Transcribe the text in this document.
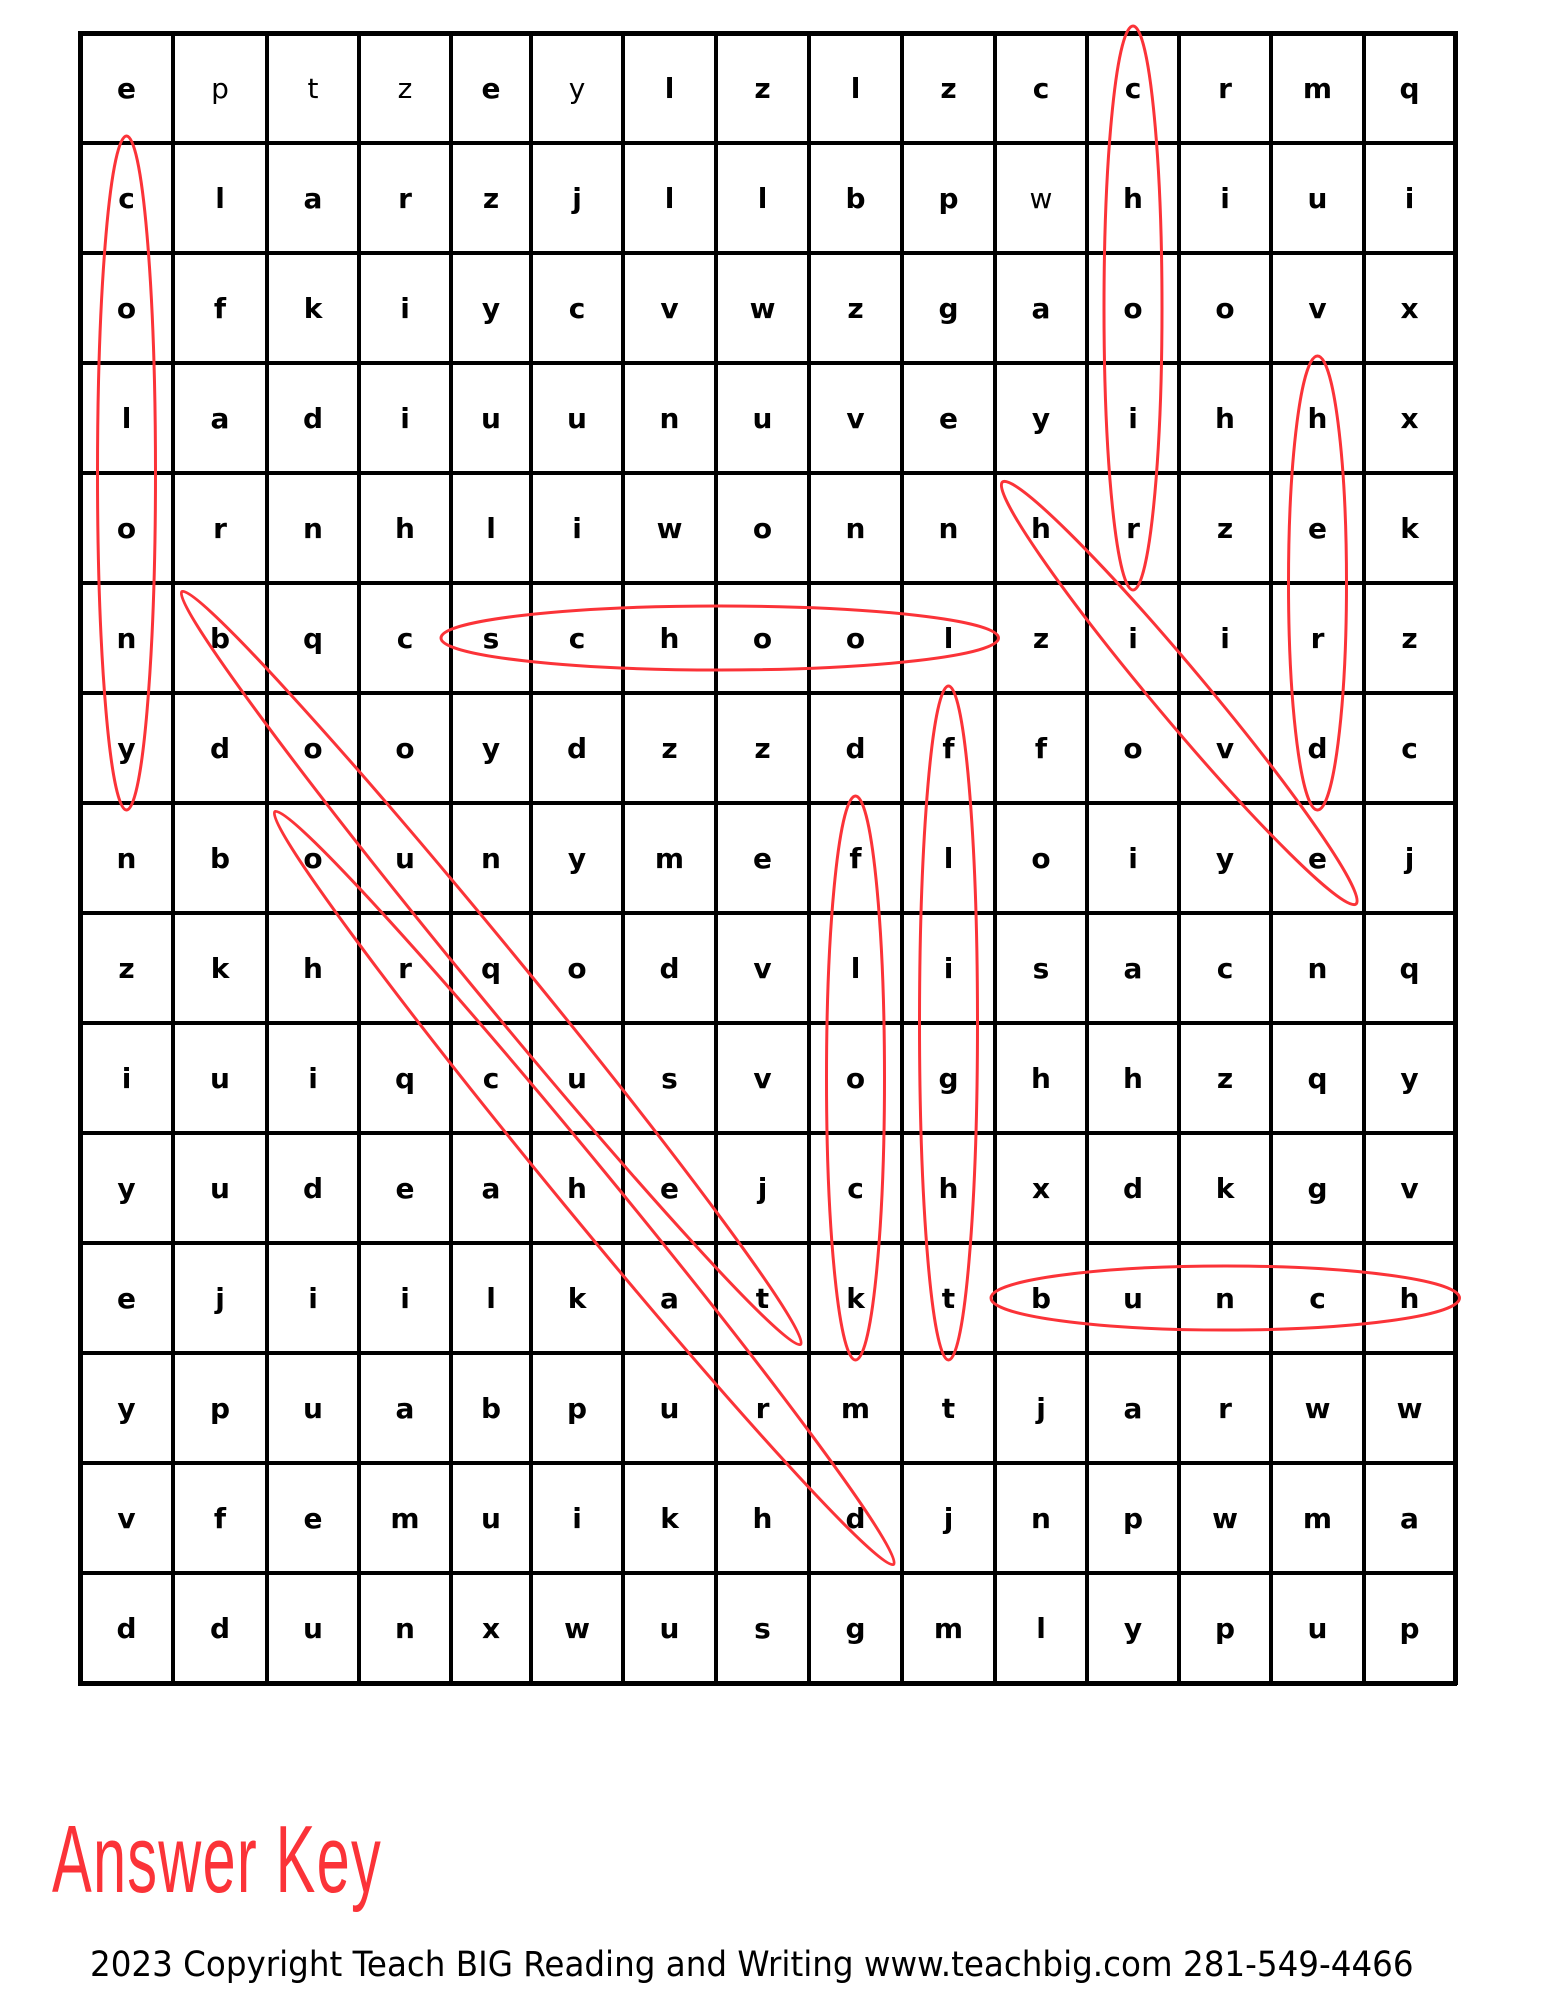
e	p	t	z	e	y	l	z	l	z	c	c	r	m	q
c	l	a	r	z	j	l	l	b	p	w	h	i	u	i
o	f	k	i	y	c	v	w	z	g	a	o	o	v	x
l	a	d	i	u	u	n	u	v	e	y	i	h	h	x
o	r	n	h	l	i	w	o	n	n	h	r	z	e	k
n	b	q	c	s	c	h	o	o	l	z	i	i	r	z
y	d	o	o	y	d	z	z	d	f	f	o	v	d	c
n	b	o	u	n	y	m	e	f	l	o	i	y	e	j
z	k	h	r	q	o	d	v	l	i	s	a	c	n	q
i	u	i	q	c	u	s	v	o	g	h	h	z	q	y
y	u	d	e	a	h	e	j	c	h	x	d	k	g	v
e	j	i	i	l	k	a	t	k	t	b	u	n	c	h
y	p	u	a	b	p	u	r	m	t	j	a	r	w	w
v	f	e	m	u	i	k	h	d	j	n	p	w	m	a
d	d	u	n	x	w	u	s	g	m	l	y	p	u	p
Answer Key
2023 Copyright Teach BIG Reading and Writing www.teachbig.com 281-549-4466
